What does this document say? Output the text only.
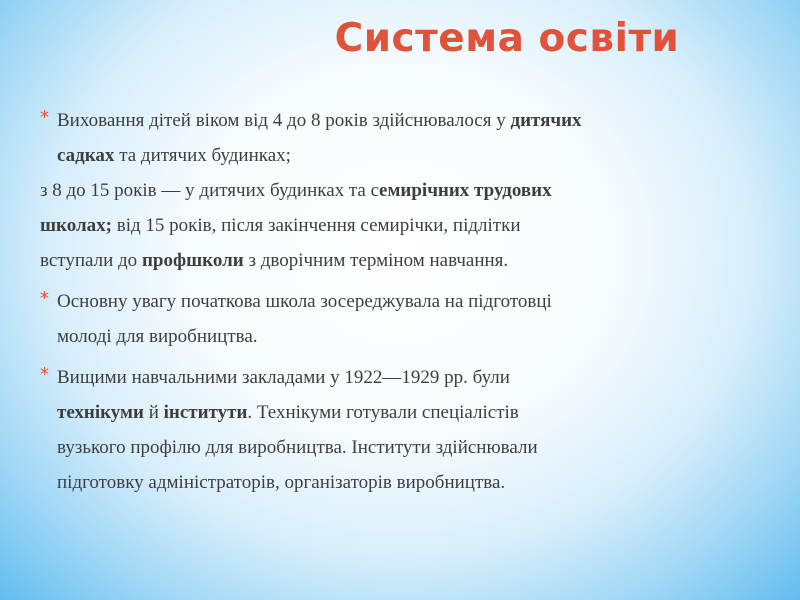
Система освіти
* Виховання дітей віком від 4 до 8 років здійснювалося у дитячих
садках та дитячих будинках;
з 8 до 15 років — у дитячих будинках та семирічних трудових
школах; від 15 років, після закінчення семирічки, підлітки
вступали до профшколи з дворічним терміном навчання.
* Основну увагу початкова школа зосереджувала на підготовці
молоді для виробництва.
* Вищими навчальними закладами у 1922—1929 рр. були
технікуми й інститути. Технікуми готували спеціалістів
вузького профілю для виробництва. Інститути здійснювали
підготовку адміністраторів, організаторів виробництва.
